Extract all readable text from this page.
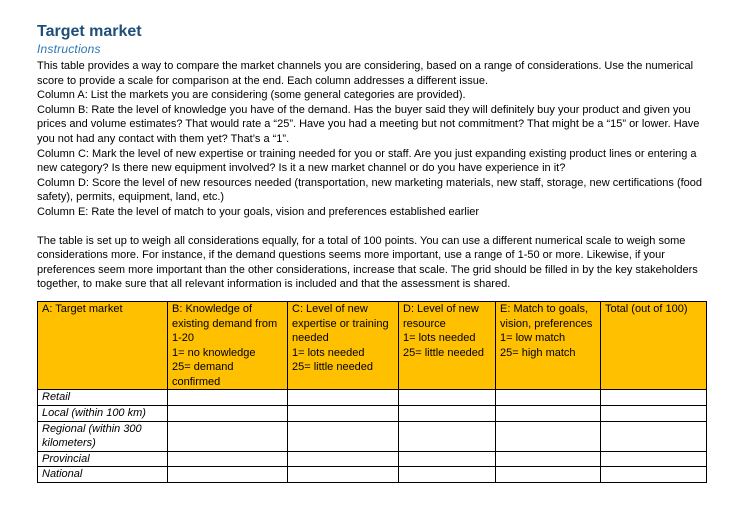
Target market
Instructions

This table provides a way to compare the market channels you are considering, based on a range of considerations. Use the numerical score to provide a scale for comparison at the end. Each column addresses a different issue.

Column A: List the markets you are considering (some general categories are provided).

Column B: Rate the level of knowledge you have of the demand. Has the buyer said they will definitely buy your product and given you prices and volume estimates? That would rate a “25”. Have you had a meeting but not commitment? That might be a “15” or lower. Have you not had any contact with them yet? That’s a “1”.

Column C: Mark the level of new expertise or training needed for you or staff. Are you just expanding existing product lines or entering a new category? Is there new equipment involved? Is it a new market channel or do you have experience in it?

Column D: Score the level of new resources needed (transportation, new marketing materials, new staff, storage, new certifications (food safety), permits, equipment, land, etc.)

Column E: Rate the level of match to your goals, vision and preferences established earlier

The table is set up to weigh all considerations equally, for a total of 100 points. You can use a different numerical scale to weigh some considerations more. For instance, if the demand questions seems more important, use a range of 1-50 or more. Likewise, if your preferences seem more important than the other considerations, increase that scale. The grid should be filled in by the key stakeholders together, to make sure that all relevant information is included and that the assessment is shared.

A: Target market	B: Knowledge of existing demand from 1-20
1= no knowledge
25= demand confirmed	C: Level of new expertise or training needed
1= lots needed
25= little needed	D: Level of new resource
1= lots needed
25= little needed	E: Match to goals, vision, preferences
1= low match
25= high match	Total (out of 100)

Retail					
Local (within 100 km)					
Regional (within 300 kilometers)					
Provincial					
National					
